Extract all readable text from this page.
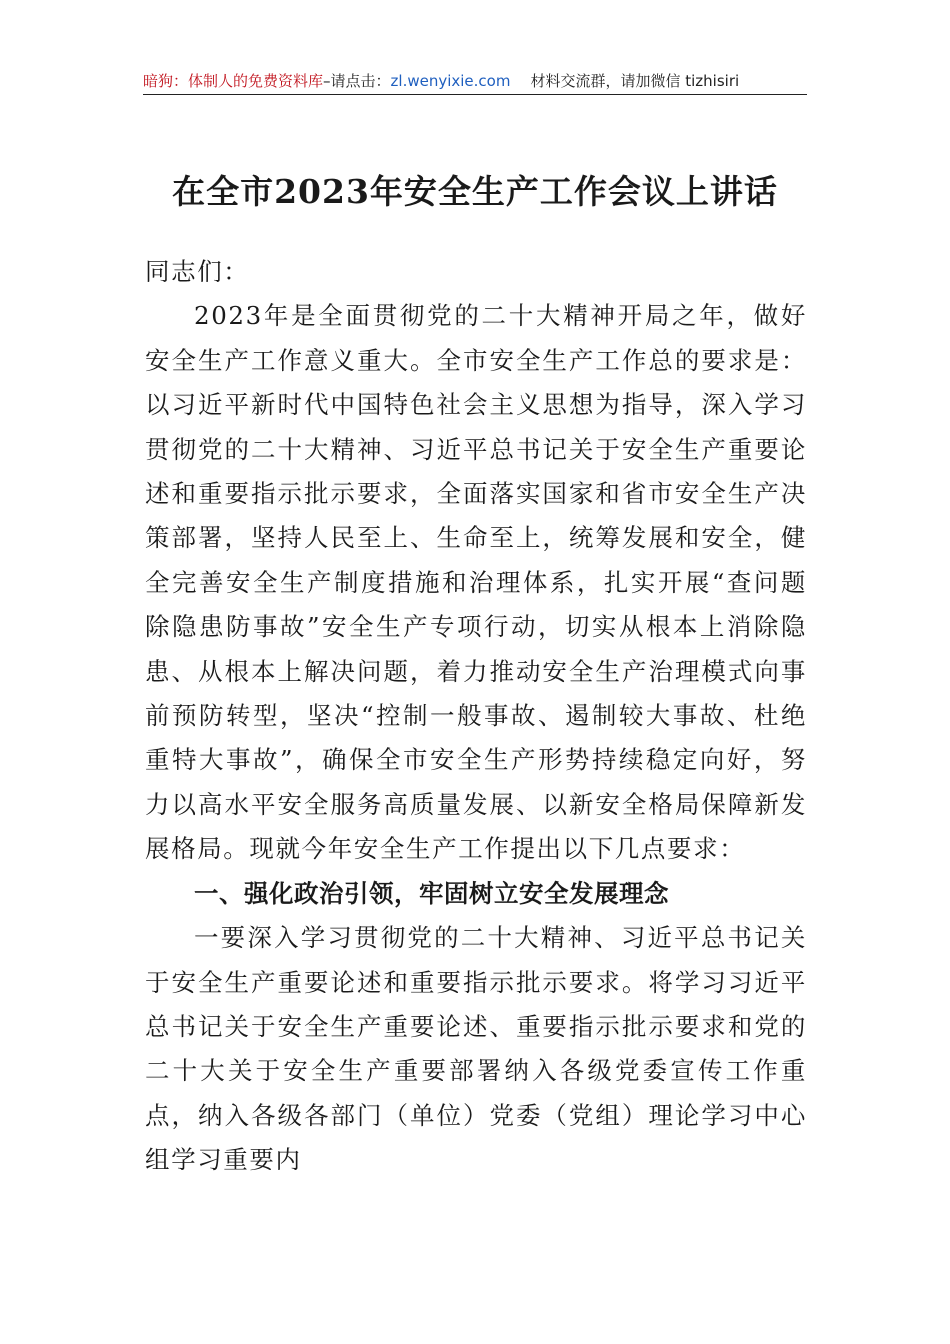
暗狗：体制人的免费资料库–请点击：zl.wenyixie.com 材料交流群，请加微信 tizhisiri
在全市2023年安全生产工作会议上讲话

同志们：

2023年是全面贯彻党的二十大精神开局之年，做好安全生产工作意义重大。全市安全生产工作总的要求是：以习近平新时代中国特色社会主义思想为指导，深入学习贯彻党的二十大精神、习近平总书记关于安全生产重要论述和重要指示批示要求，全面落实国家和省市安全生产决策部署，坚持人民至上、生命至上，统筹发展和安全，健全完善安全生产制度措施和治理体系，扎实开展“查问题除隐患防事故”安全生产专项行动，切实从根本上消除隐患、从根本上解决问题，着力推动安全生产治理模式向事前预防转型，坚决“控制一般事故、遏制较大事故、杜绝重特大事故”，确保全市安全生产形势持续稳定向好，努力以高水平安全服务高质量发展、以新安全格局保障新发展格局。现就今年安全生产工作提出以下几点要求：

一、强化政治引领，牢固树立安全发展理念

一要深入学习贯彻党的二十大精神、习近平总书记关于安全生产重要论述和重要指示批示要求。将学习习近平总书记关于安全生产重要论述、重要指示批示要求和党的二十大关于安全生产重要部署纳入各级党委宣传工作重点，纳入各级各部门（单位）党委（党组）理论学习中心组学习重要内
